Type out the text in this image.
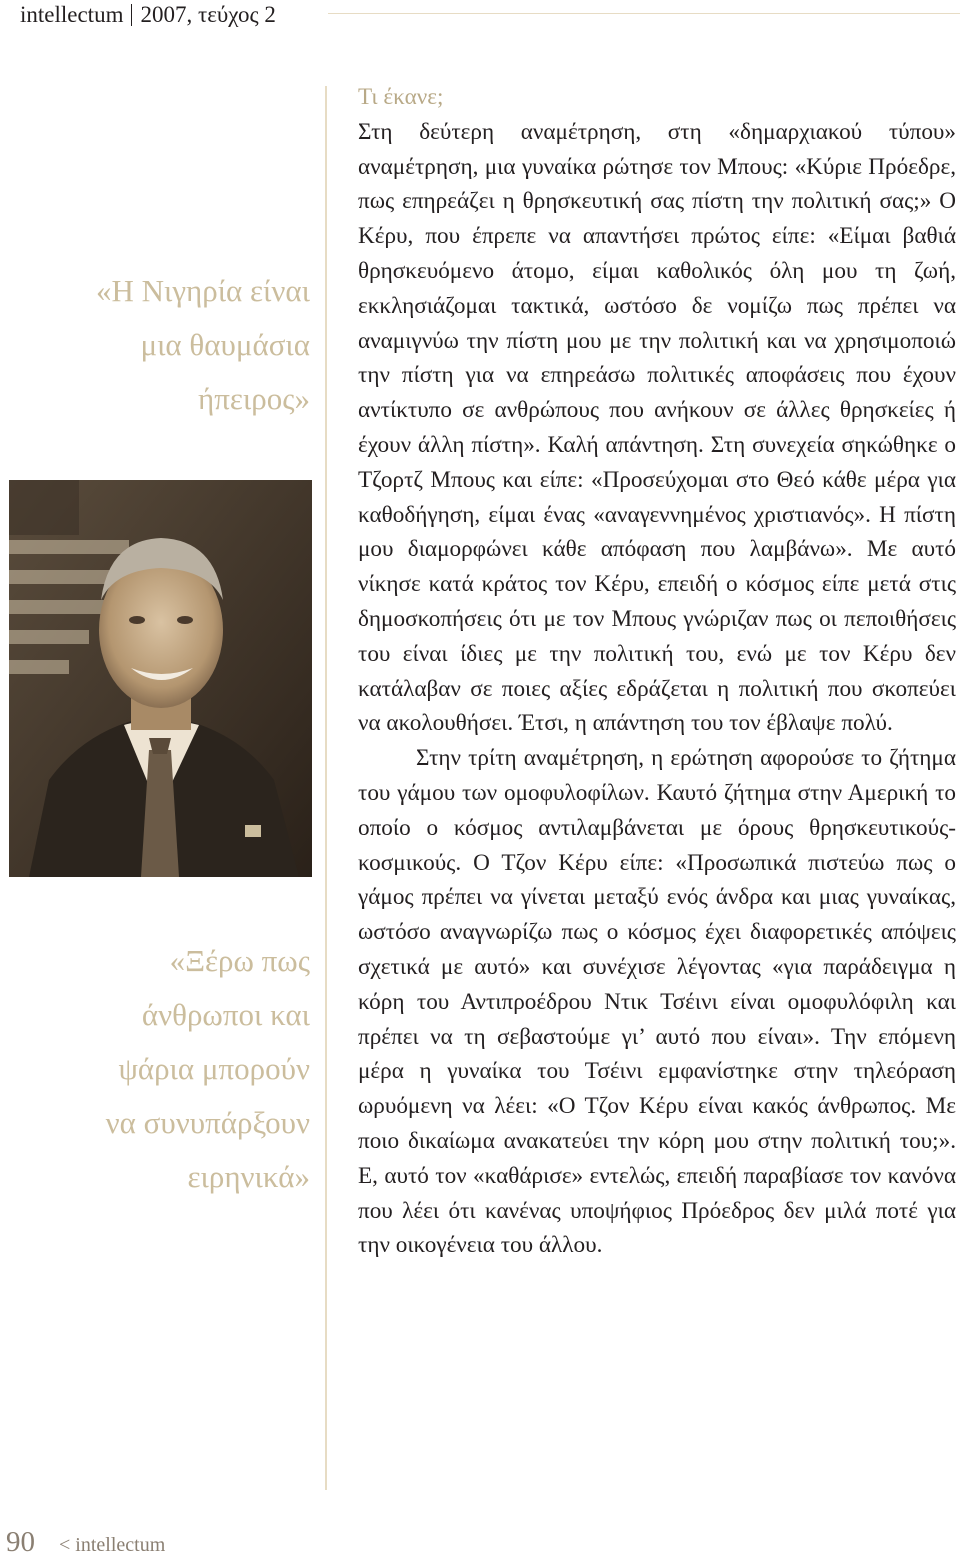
intellectum 2007, τεύχος 2
«Η Νιγηρία είναι
μια θαυμάσια
ήπειρος»
«Ξέρω πως
άνθρωποι και
ψάρια μπορούν
να συνυπάρξουν
ειρηνικά»

Τι έκανε;

Στη δεύτερη αναμέτρηση, στη «δημαρχιακού τύπου» αναμέτρηση, μια γυναίκα ρώτησε τον Μπους: «Κύριε Πρόεδρε, πως επηρεάζει η θρησκευτική σας πίστη την πολιτική σας;» Ο Κέρυ, που έπρεπε να απαντήσει πρώτος είπε: «Είμαι βαθιά θρησκευόμενο άτομο, είμαι καθολικός όλη μου τη ζωή, εκκλησιάζομαι τακτικά, ωστόσο δε νομίζω πως πρέπει να αναμιγνύω την πίστη μου με την πολιτική και να χρησιμοποιώ την πίστη για να επηρεάσω πολιτικές αποφάσεις που έχουν αντίκτυπο σε ανθρώπους που ανήκουν σε άλλες θρησκείες ή έχουν άλλη πίστη». Καλή απάντηση. Στη συνεχεία σηκώθηκε ο Τζορτζ Μπους και είπε: «Προσεύχομαι στο Θεό κάθε μέρα για καθοδήγηση, είμαι ένας «αναγεννημένος χριστιανός». Η πίστη μου διαμορφώνει κάθε απόφαση που λαμβάνω». Με αυτό νίκησε κατά κράτος τον Κέρυ, επειδή ο κόσμος είπε μετά στις δημοσκοπήσεις ότι με τον Μπους γνώριζαν πως οι πεποιθήσεις του είναι ίδιες με την πολιτική του, ενώ με τον Κέρυ δεν κατάλαβαν σε ποιες αξίες εδράζεται η πολιτική που σκοπεύει να ακολουθήσει. Έτσι, η απάντηση του τον έβλαψε πολύ.

Στην τρίτη αναμέτρηση, η ερώτηση αφορούσε το ζήτημα του γάμου των ομοφυλοφίλων. Καυτό ζήτημα στην Αμερική το οποίο ο κόσμος αντιλαμβάνεται με όρους θρησκευτικούς-κοσμικούς. Ο Τζον Κέρυ είπε: «Προσωπικά πιστεύω πως ο γάμος πρέπει να γίνεται μεταξύ ενός άνδρα και μιας γυναίκας, ωστόσο αναγνωρίζω πως ο κόσμος έχει διαφορετικές απόψεις σχετικά με αυτό» και συνέχισε λέγοντας «για παράδειγμα η κόρη του Αντιπροέδρου Ντικ Τσέινι είναι ομοφυλόφιλη και πρέπει να τη σεβαστούμε γι’ αυτό που είναι». Την επόμενη μέρα η γυναίκα του Τσέινι εμφανίστηκε στην τηλεόραση ωρυόμενη να λέει: «Ο Τζον Κέρυ είναι κακός άνθρωπος. Με ποιο δικαίωμα ανακατεύει την κόρη μου στην πολιτική του;». Ε, αυτό τον «καθάρισε» εντελώς, επειδή παραβίασε τον κανόνα που λέει ότι κανένας υποψήφιος Πρόεδρος δεν μιλά ποτέ για την οικογένεια του άλλου.

90 < intellectum
